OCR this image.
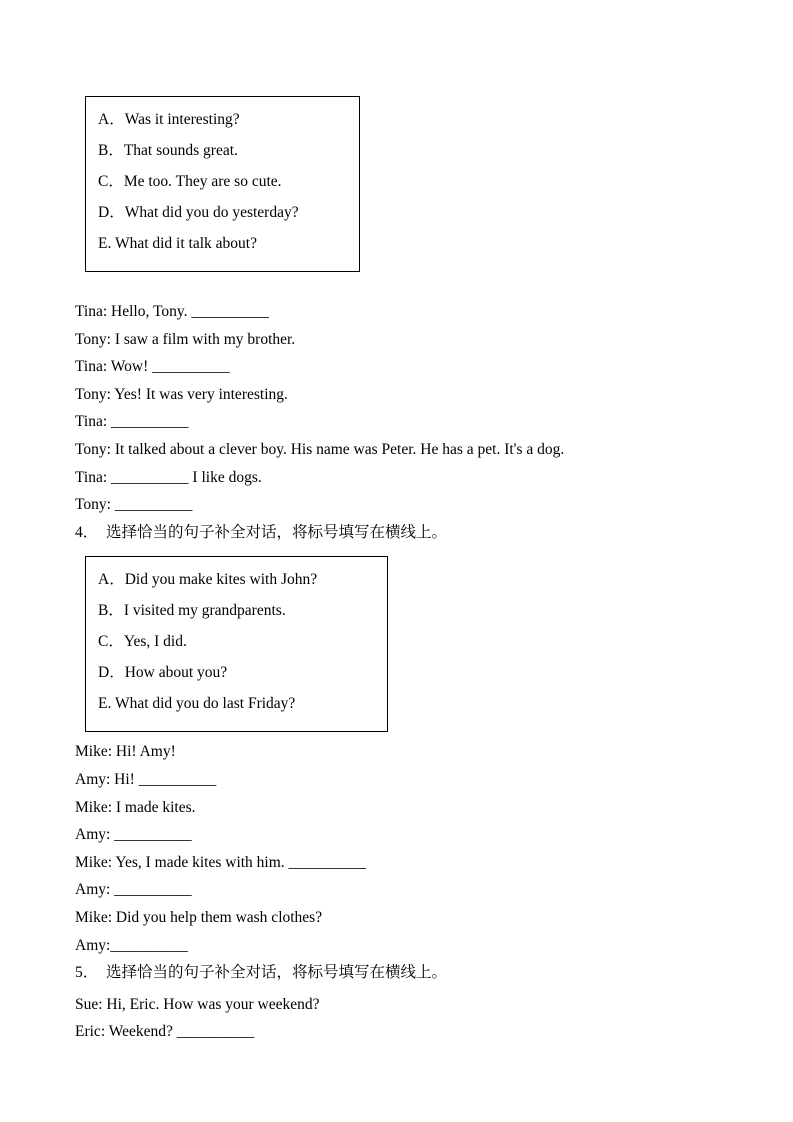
A．Was it interesting?

B．That sounds great.

C．Me too. They are so cute.

D．What did you do yesterday?

E. What did it talk about?

Tina: Hello, Tony. __________

Tony: I saw a film with my brother.

Tina: Wow! __________

Tony: Yes! It was very interesting.

Tina: __________

Tony: It talked about a clever boy. His name was Peter. He has a pet. It's a dog.

Tina: __________ I like dogs.

Tony: __________

4．  选择恰当的句子补全对话，将标号填写在横线上。

A．Did you make kites with John?

B．I visited my grandparents.

C．Yes, I did.

D．How about you?

E. What did you do last Friday?

Mike: Hi! Amy!

Amy: Hi! __________

Mike: I made kites.

Amy: __________

Mike: Yes, I made kites with him. __________

Amy: __________

Mike: Did you help them wash clothes?

Amy:__________

5．  选择恰当的句子补全对话，将标号填写在横线上。

Sue: Hi, Eric. How was your weekend?

Eric: Weekend? __________
